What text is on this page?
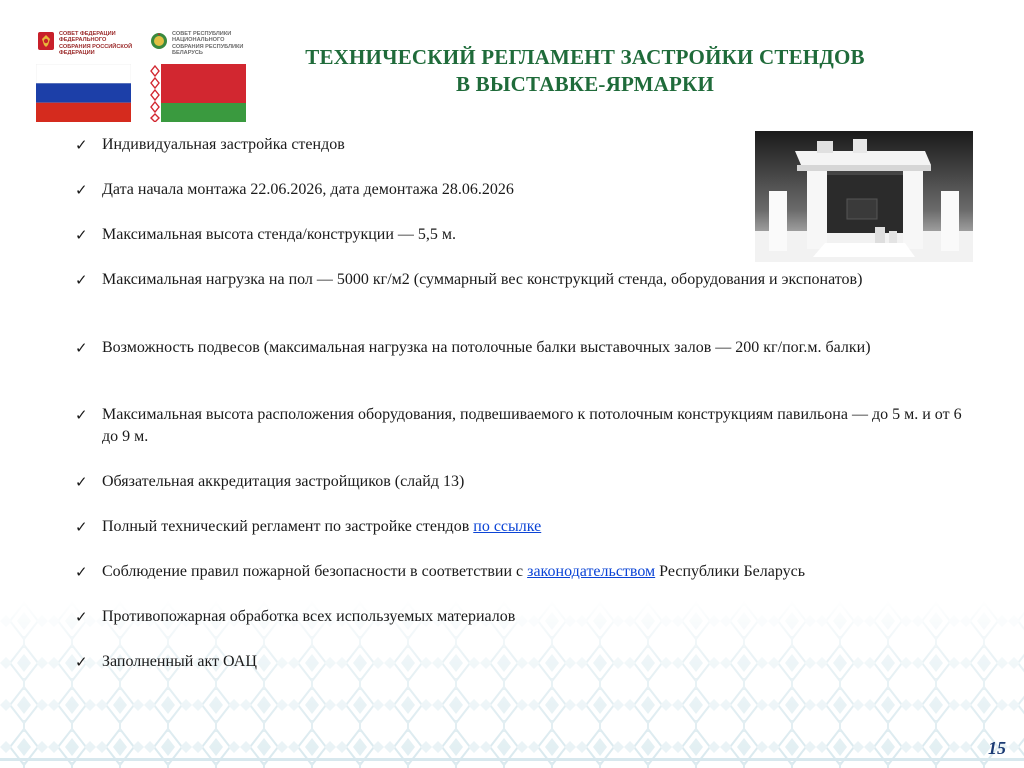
СОВЕТ ФЕДЕРАЦИИ ФЕДЕРАЛЬНОГО СОБРАНИЯ РОССИЙСКОЙ ФЕДЕРАЦИИ
СОВЕТ РЕСПУБЛИКИ НАЦИОНАЛЬНОГО СОБРАНИЯ РЕСПУБЛИКИ БЕЛАРУСЬ	ТЕХНИЧЕСКИЙ РЕГЛАМЕНТ ЗАСТРОЙКИ СТЕНДОВ
В ВЫСТАВКЕ-ЯРМАРКИ
✓ Индивидуальная застройка стендов
✓ Дата начала монтажа 22.06.2026, дата демонтажа 28.06.2026
✓ Максимальная высота стенда/конструкции — 5,5 м.
✓ Максимальная нагрузка на пол — 5000 кг/м2 (суммарный вес конструкций стенда, оборудования и экспонатов)
✓ Возможность подвесов (максимальная нагрузка на потолочные балки выставочных залов — 200 кг/пог.м. балки)
✓ Максимальная высота расположения оборудования, подвешиваемого к потолочным конструкциям павильона — до 5 м. и от 6 до 9 м.
✓ Обязательная аккредитация застройщиков (слайд 13)
✓ Полный технический регламент по застройке стендов по ссылке
✓ Соблюдение правил пожарной безопасности в соответствии с законодательством Республики Беларусь
✓ Противопожарная обработка всех используемых материалов
✓ Заполненный акт ОАЦ
15
